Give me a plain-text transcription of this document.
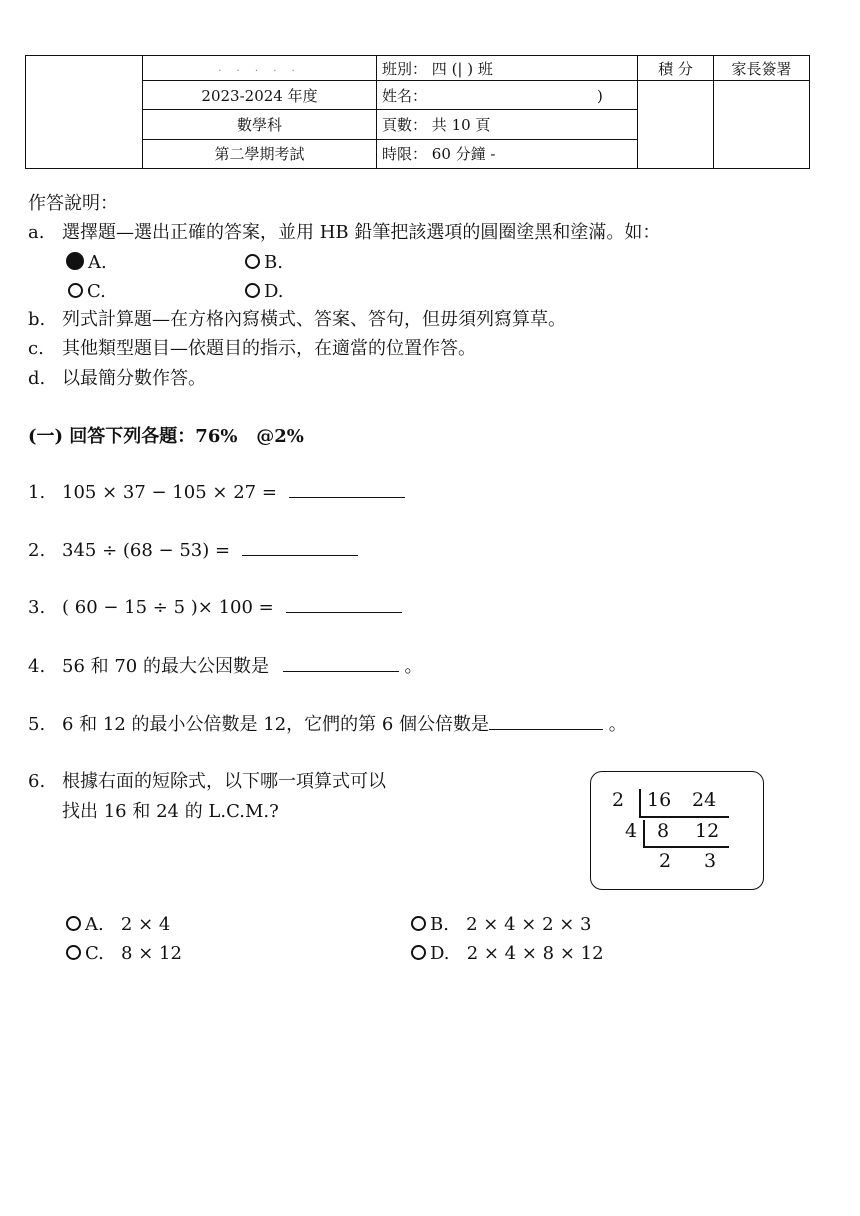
	. . . . .	班別： 四 (| ) 班	積 分	家長簽署
	2023-2024 年度	姓名： )		
	數學科	頁數： 共 10 頁		
	第二學期考試	時限： 60 分鐘 -		
作答說明：
a. 選擇題—選出正確的答案，並用 HB 鉛筆把該選項的圓圈塗黑和塗滿。如：
A.	B.
C.	D.
b. 列式計算題—在方格內寫橫式、答案、答句，但毋須列寫算草。
c. 其他類型題目—依題目的指示，在適當的位置作答。
d. 以最簡分數作答。
(一) 回答下列各題：76% @2%
1. 105 × 37 − 105 × 27 =
2. 345 ÷ (68 − 53) =
3. ( 60 − 15 ÷ 5 )× 100 =
4. 56 和 70 的最大公因數是	。
5. 6 和 12 的最小公倍數是 12，它們的第 6 個公倍數是	。
6. 根據右面的短除式，以下哪一項算式可以
找出 16 和 24 的 L.C.M.?
2 16 24
4 8 12
2 3
A. 2 × 4	B. 2 × 4 × 2 × 3
C. 8 × 12	D. 2 × 4 × 8 × 12
